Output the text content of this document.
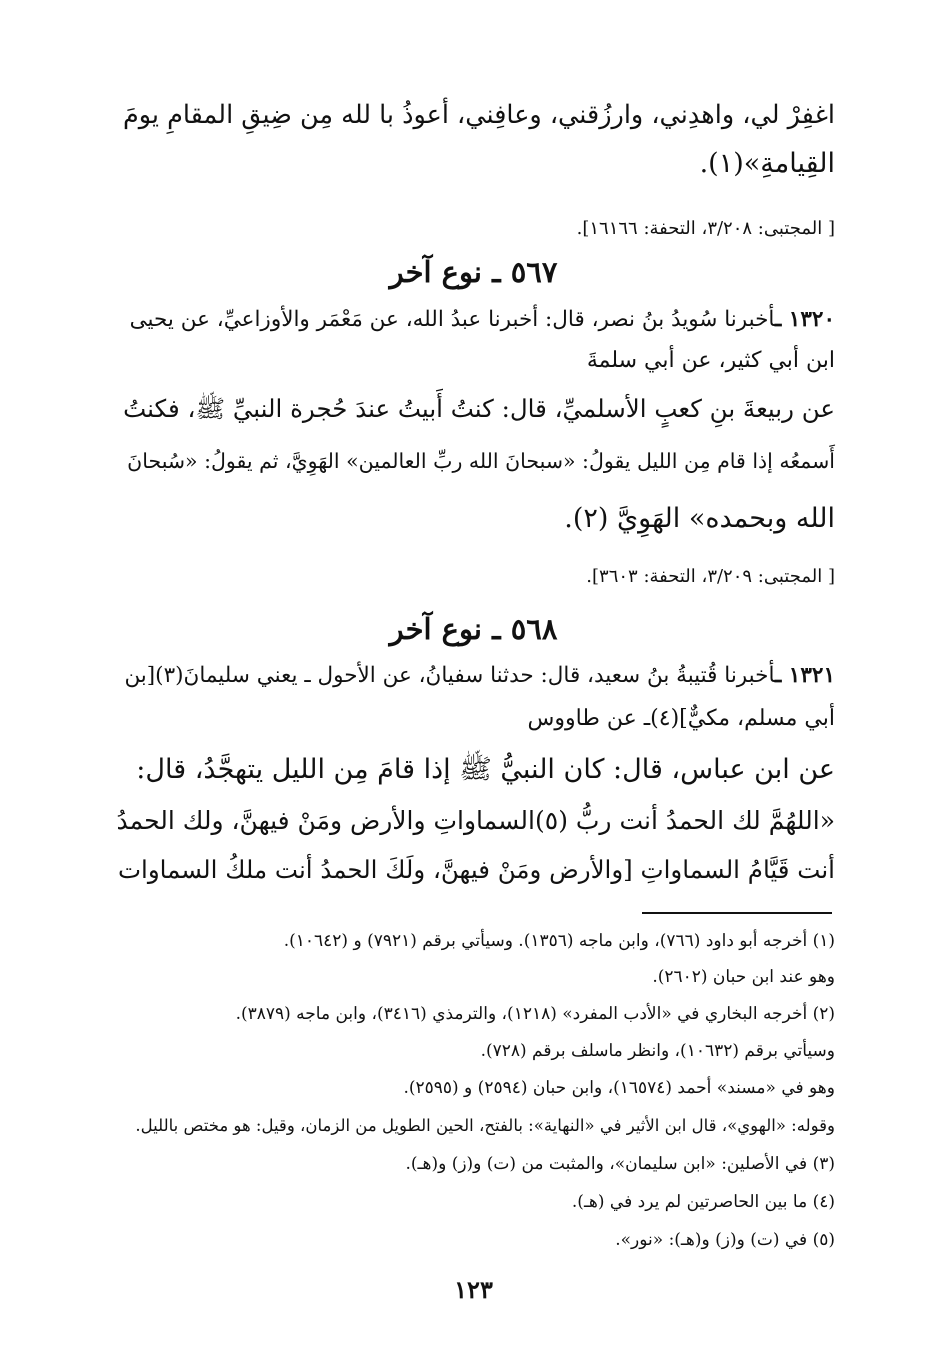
اغفِرْ لي، واهدِني، وارزُقني، وعافِني، أعوذُ با لله مِن ضِيقِ المقامِ يومَ
القِيامةِ»(١).
[ المجتبى: ٣/٢٠٨، التحفة: ١٦١٦٦].
٥٦٧ ـ نوع آخر
١٣٢٠ ـأخبرنا سُويدُ بنُ نصر، قال: أخبرنا عبدُ الله، عن مَعْمَر والأوزاعيِّ، عن يحيى
ابن أبي كثير، عن أبي سلمةَ
عن ربيعةَ بنِ كعبٍ الأسلميِّ، قال: كنتُ أَبيتُ عندَ حُجرة النبيِّ ﷺ، فكنتُ
أَسمعُه إذا قام مِن الليل يقولُ: «سبحانَ الله ربِّ العالمين» الهَوِيَّ، ثم يقولُ: «سُبحانَ
الله وبحمده» الهَوِيَّ (٢).
[ المجتبى: ٣/٢٠٩، التحفة: ٣٦٠٣].
٥٦٨ ـ نوع آخر
١٣٢١ ـأخبرنا قُتيبةُ بنُ سعيد، قال: حدثنا سفيانُ، عن الأحول ـ يعني سليمانَ(٣)[بن
أبي مسلم، مكيٌّ](٤)ـ عن طاووس
عن ابن عباس، قال: كان النبيُّ ﷺ إذا قامَ مِن الليل يتهجَّدُ، قال:
«اللهُمَّ لك الحمدُ أنت ربُّ (٥)السماواتِ والأرض ومَنْ فيهنَّ، ولك الحمدُ
أنت قَيَّامُ السماواتِ [والأرض ومَنْ فيهنَّ، ولَكَ الحمدُ أنت ملكُ السماوات
(١) أخرجه أبو داود (٧٦٦)، وابن ماجه (١٣٥٦). وسيأتي برقم (٧٩٢١) و (١٠٦٤٢).
وهو عند ابن حبان (٢٦٠٢).
(٢) أخرجه البخاري في «الأدب المفرد» (١٢١٨)، والترمذي (٣٤١٦)، وابن ماجه (٣٨٧٩).
وسيأتي برقم (١٠٦٣٢)، وانظر ماسلف برقم (٧٢٨).
وهو في «مسند» أحمد (١٦٥٧٤)، وابن حبان (٢٥٩٤) و (٢٥٩٥).
وقوله: «الهوي»، قال ابن الأثير في «النهاية»: بالفتح، الحين الطويل من الزمان، وقيل: هو مختص بالليل.
(٣) في الأصلين: «ابن سليمان»، والمثبت من (ت) و(ز) و(هـ).
(٤) ما بين الحاصرتين لم يرد في (هـ).
(٥) في (ت) و(ز) و(هـ): «نور».
١٢٣
